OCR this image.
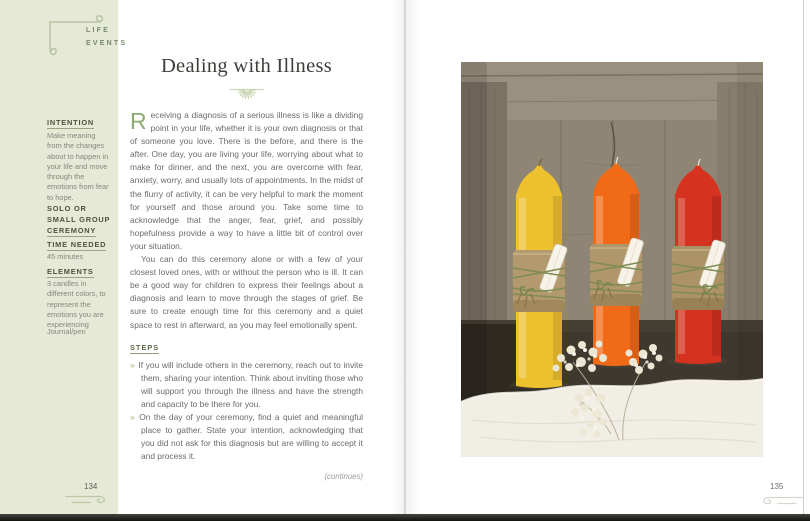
LIFE
EVENTS
INTENTION
Make meaning from the changes about to happen in your life and move through the emotions from fear to hope.
SOLO OR
SMALL GROUP
CEREMONY
TIME NEEDED
45 minutes
ELEMENTS
3 candles in different colors, to represent the emotions you are experiencing
Journal/pen
134
Dealing with Illness

Receiving a diagnosis of a serious illness is like a dividing point in your life, whether it is your own diagnosis or that of someone you love. There is the before, and there is the after. One day, you are living your life, worrying about what to make for dinner, and the next, you are overcome with fear, anxiety, worry, and usually lots of appointments. In the midst of the flurry of activity, it can be very helpful to mark the moment for yourself and those around you. Take some time to acknowledge that the anger, fear, grief, and possibly hopefulness provide a way to have a little bit of control over your situation.

You can do this ceremony alone or with a few of your closest loved ones, with or without the person who is ill. It can be a good way for children to express their feelings about a diagnosis and learn to move through the stages of grief. Be sure to create enough time for this ceremony and a quiet space to rest in afterward, as you may feel emotionally spent.

STEPS

» If you will include others in the ceremony, reach out to invite them, sharing your intention. Think about inviting those who will support you through the illness and have the strength and capacity to be there for you.

» On the day of your ceremony, find a quiet and meaningful place to gather. State your intention, acknowledging that you did not ask for this diagnosis but are willing to accept it and process it.

(continues)
135
